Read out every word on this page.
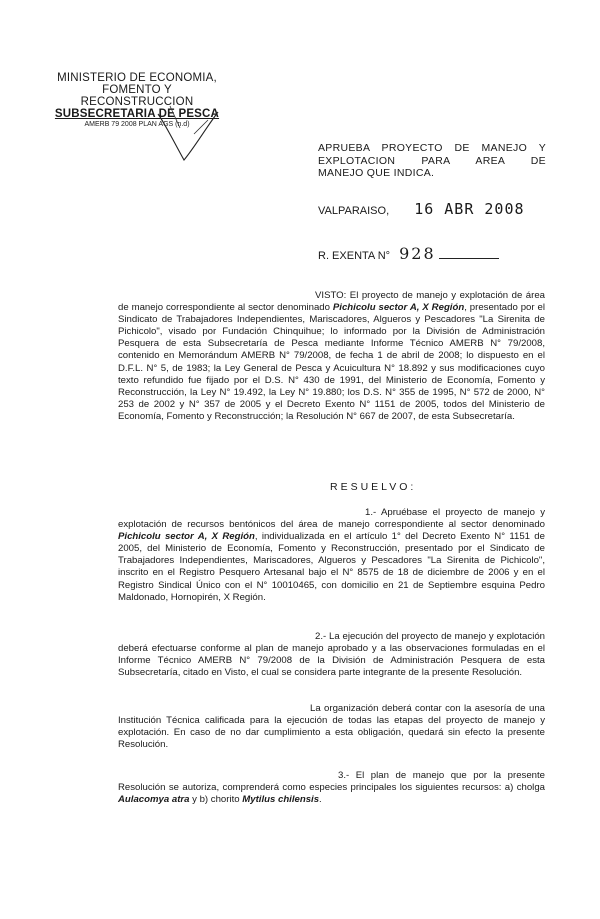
MINISTERIO DE ECONOMIA,
FOMENTO Y RECONSTRUCCION
SUBSECRETARIA DE PESCA
AMERB 79 2008 PLAN AGS (n.d)
APRUEBA PROYECTO DE MANEJO Y
EXPLOTACION PARA AREA DE
MANEJO QUE INDICA.
VALPARAISO, 16 ABR 2008
R. EXENTA N° 928
VISTO: El proyecto de manejo y explotación de área de manejo correspondiente al sector denominado Pichicolu sector A, X Región, presentado por el Sindicato de Trabajadores Independientes, Mariscadores, Algueros y Pescadores "La Sirenita de Pichicolo", visado por Fundación Chinquihue; lo informado por la División de Administración Pesquera de esta Subsecretaría de Pesca mediante Informe Técnico AMERB N° 79/2008, contenido en Memorándum AMERB N° 79/2008, de fecha 1 de abril de 2008; lo dispuesto en el D.F.L. N° 5, de 1983; la Ley General de Pesca y Acuicultura N° 18.892 y sus modificaciones cuyo texto refundido fue fijado por el D.S. N° 430 de 1991, del Ministerio de Economía, Fomento y Reconstrucción, la Ley N° 19.492, la Ley N° 19.880; los D.S. N° 355 de 1995, N° 572 de 2000, N° 253 de 2002 y N° 357 de 2005 y el Decreto Exento N° 1151 de 2005, todos del Ministerio de Economía, Fomento y Reconstrucción; la Resolución N° 667 de 2007, de esta Subsecretaría.
RESUELVO:
1.- Apruébase el proyecto de manejo y explotación de recursos bentónicos del área de manejo correspondiente al sector denominado Pichicolu sector A, X Región, individualizada en el artículo 1° del Decreto Exento N° 1151 de 2005, del Ministerio de Economía, Fomento y Reconstrucción, presentado por el Sindicato de Trabajadores Independientes, Mariscadores, Algueros y Pescadores "La Sirenita de Pichicolo", inscrito en el Registro Pesquero Artesanal bajo el N° 8575 de 18 de diciembre de 2006 y en el Registro Sindical Único con el N° 10010465, con domicilio en 21 de Septiembre esquina Pedro Maldonado, Hornopirén, X Región.
2.- La ejecución del proyecto de manejo y explotación deberá efectuarse conforme al plan de manejo aprobado y a las observaciones formuladas en el Informe Técnico AMERB N° 79/2008 de la División de Administración Pesquera de esta Subsecretaría, citado en Visto, el cual se considera parte integrante de la presente Resolución.
La organización deberá contar con la asesoría de una Institución Técnica calificada para la ejecución de todas las etapas del proyecto de manejo y explotación. En caso de no dar cumplimiento a esta obligación, quedará sin efecto la presente Resolución.
3.- El plan de manejo que por la presente Resolución se autoriza, comprenderá como especies principales los siguientes recursos: a) cholga Aulacomya atra y b) chorito Mytilus chilensis.
